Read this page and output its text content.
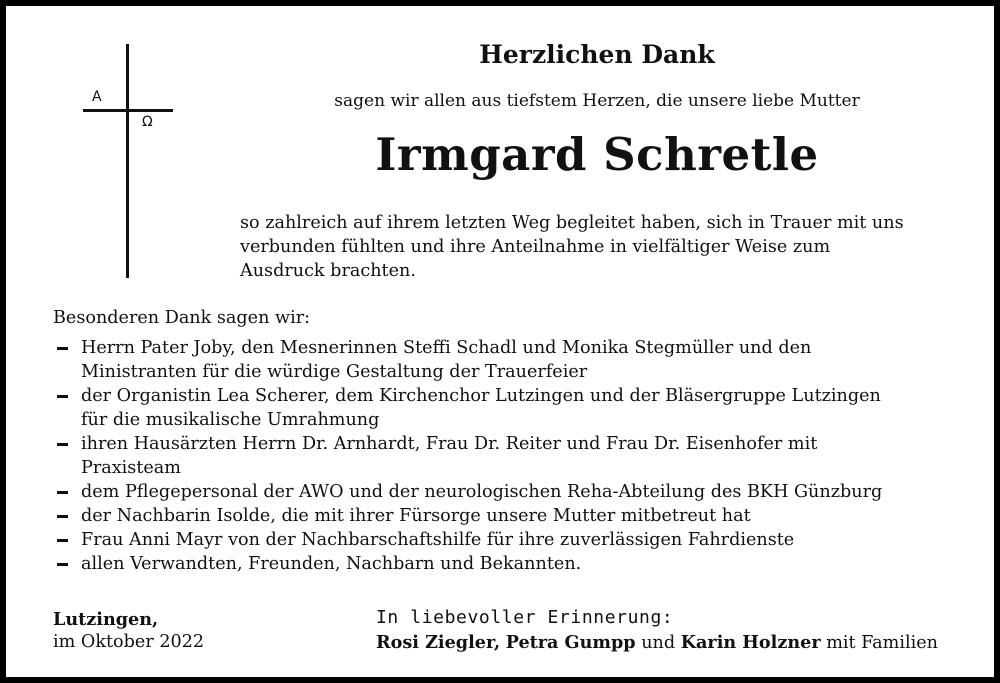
A
Ω
Herzlichen Dank
sagen wir allen aus tiefstem Herzen, die unsere liebe Mutter
Irmgard Schretle
so zahlreich auf ihrem letzten Weg begleitet haben, sich in Trauer mit uns
verbunden fühlten und ihre Anteilnahme in vielfältiger Weise zum
Ausdruck brachten.
Besonderen Dank sagen wir:
Herrn Pater Joby, den Mesnerinnen Steffi Schadl und Monika Stegmüller und den
Ministranten für die würdige Gestaltung der Trauerfeier
der Organistin Lea Scherer, dem Kirchenchor Lutzingen und der Bläsergruppe Lutzingen
für die musikalische Umrahmung
ihren Hausärzten Herrn Dr. Arnhardt, Frau Dr. Reiter und Frau Dr. Eisenhofer mit
Praxisteam
dem Pflegepersonal der AWO und der neurologischen Reha-Abteilung des BKH Günzburg
der Nachbarin Isolde, die mit ihrer Fürsorge unsere Mutter mitbetreut hat
Frau Anni Mayr von der Nachbarschaftshilfe für ihre zuverlässigen Fahrdienste
allen Verwandten, Freunden, Nachbarn und Bekannten.
Lutzingen,
im Oktober 2022
In liebevoller Erinnerung:
Rosi Ziegler, Petra Gumpp und Karin Holzner mit Familien
